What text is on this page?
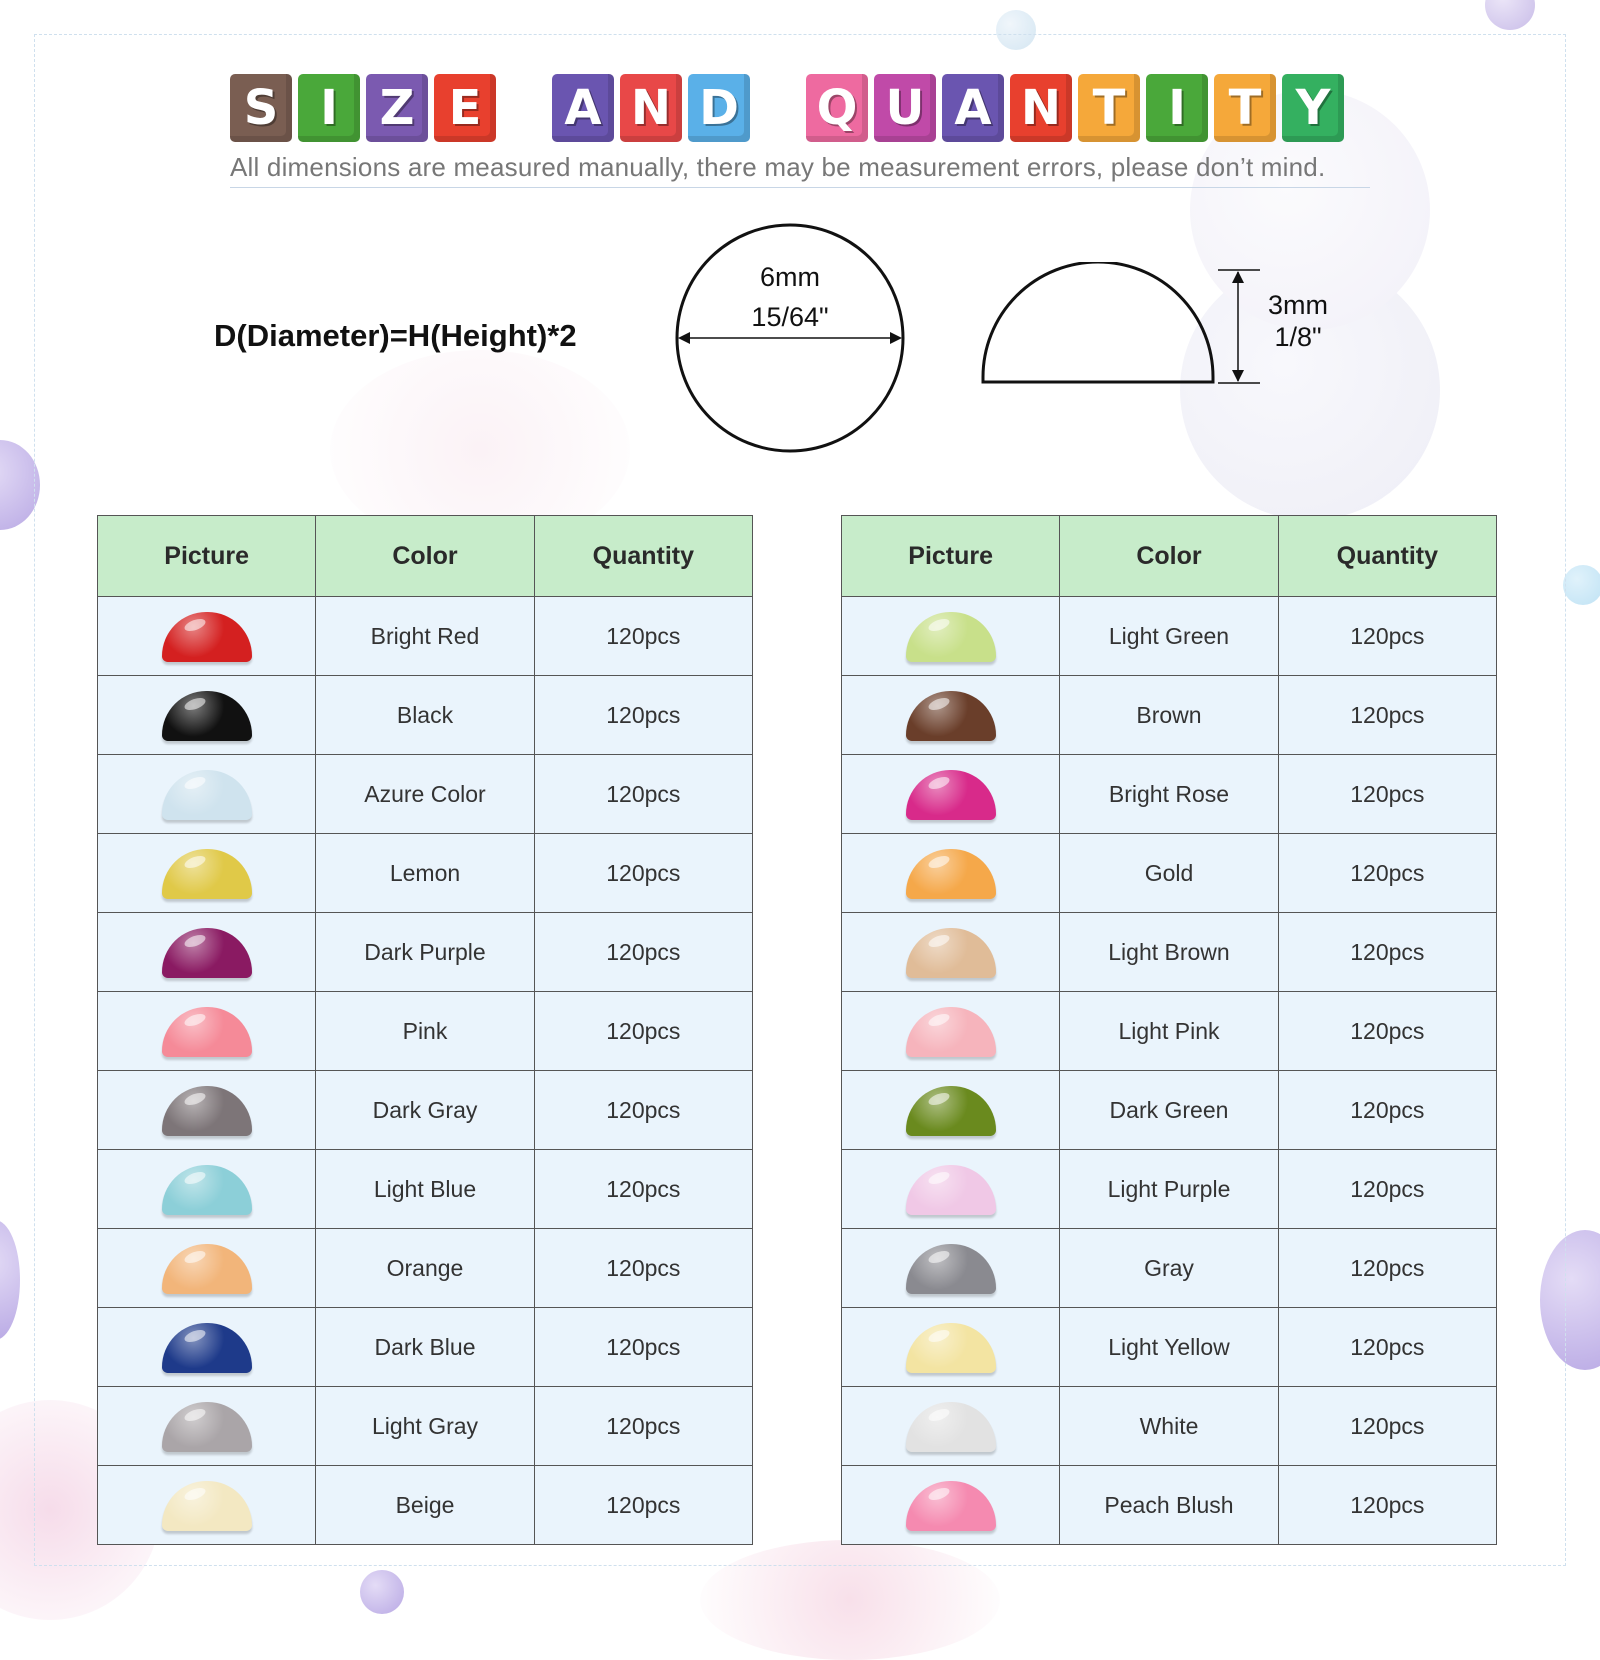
S I Z E	A N D Q U A N T I T Y
All dimensions are measured manually, there may be measurement errors, please don’t mind.
D(Diameter)=H(Height)*2
6mm
15/64"	3mm
1/8"
Picture	Color	Quantity
	Bright Red	120pcs
	Black	120pcs
	Azure Color	120pcs
	Lemon	120pcs
	Dark Purple	120pcs
	Pink	120pcs
	Dark Gray	120pcs
	Light Blue	120pcs
	Orange	120pcs
	Dark Blue	120pcs
	Light Gray	120pcs
	Beige	120pcs
Picture	Color	Quantity
	Light Green	120pcs
	Brown	120pcs
	Bright Rose	120pcs
	Gold	120pcs
	Light Brown	120pcs
	Light Pink	120pcs
	Dark Green	120pcs
	Light Purple	120pcs
	Gray	120pcs
	Light Yellow	120pcs
	White	120pcs
	Peach Blush	120pcs
